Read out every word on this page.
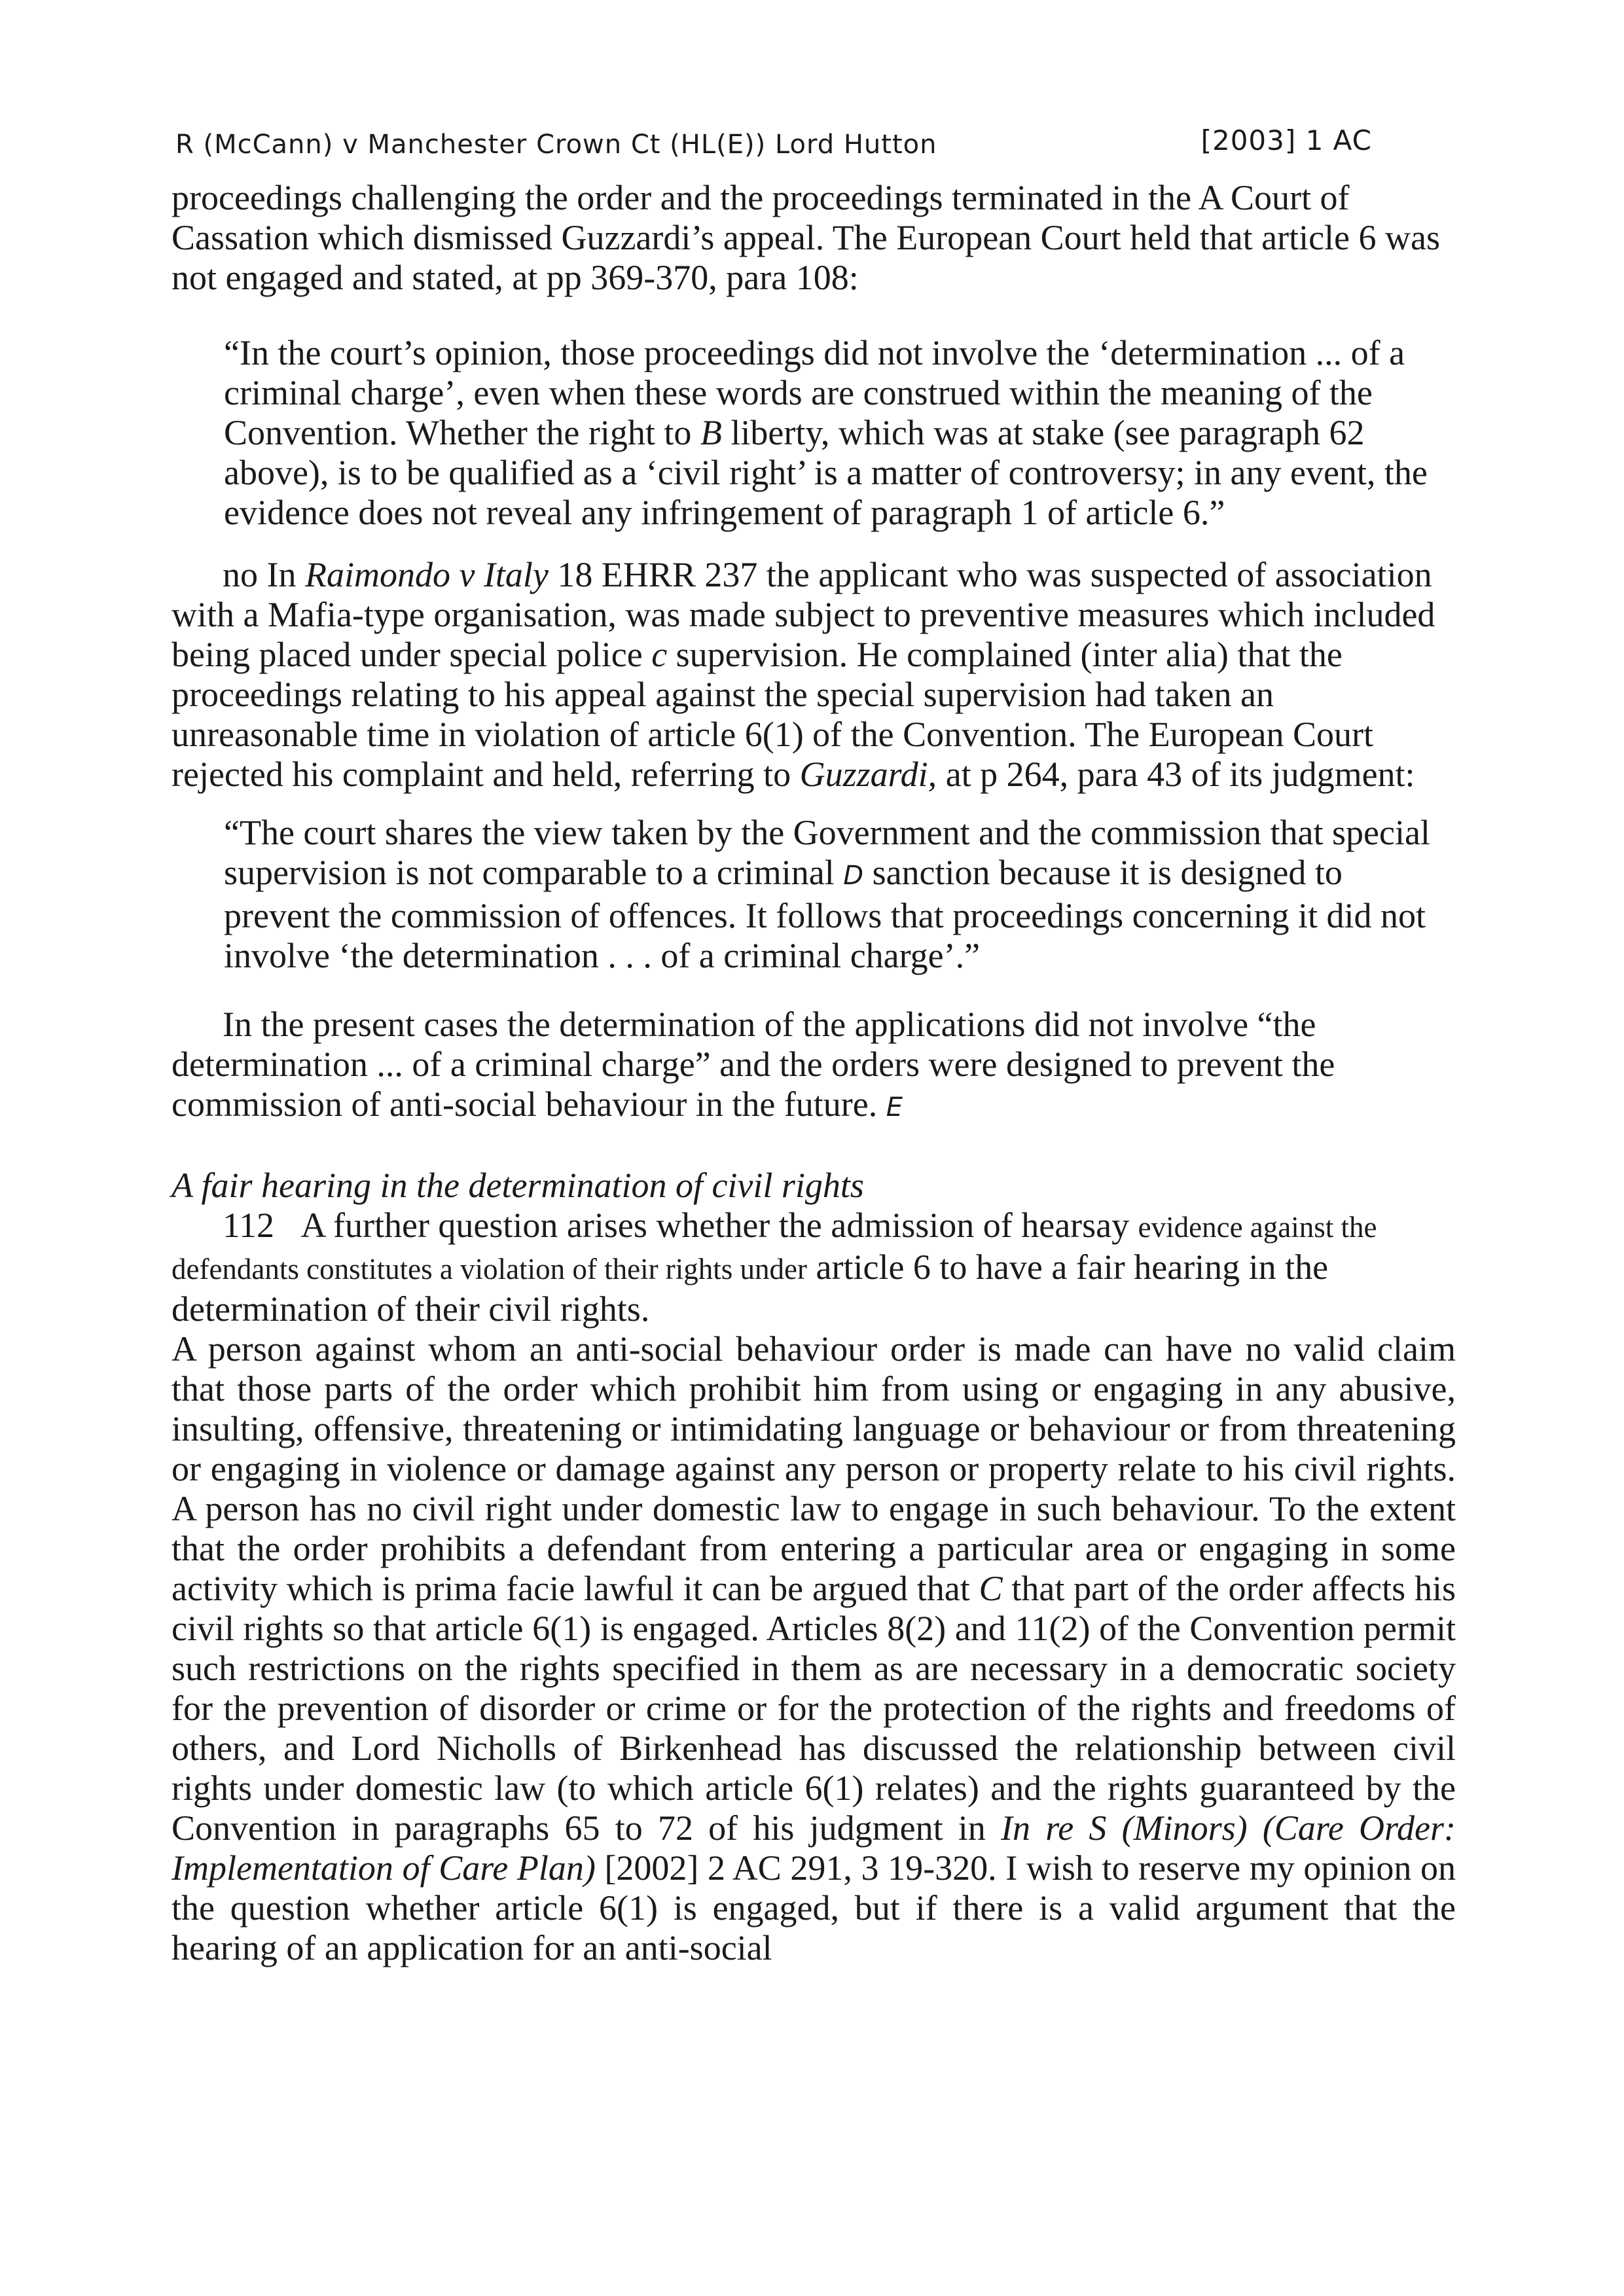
R (McCann) v Manchester Crown Ct (HL(E)) Lord Hutton	[2003] 1 AC

proceedings challenging the order and the proceedings terminated in the A Court of Cassation which dismissed Guzzardi’s appeal. The European Court held that article 6 was not engaged and stated, at pp 369-370, para 108:

“In the court’s opinion, those proceedings did not involve the ‘determination ... of a criminal charge’, even when these words are construed within the meaning of the Convention. Whether the right to B liberty, which was at stake (see paragraph 62 above), is to be qualified as a ‘civil right’ is a matter of controversy; in any event, the evidence does not reveal any infringement of paragraph 1 of article 6.”

no In Raimondo v Italy 18 EHRR 237 the applicant who was suspected of association with a Mafia-type organisation, was made subject to preventive measures which included being placed under special police c supervision. He complained (inter alia) that the proceedings relating to his appeal against the special supervision had taken an unreasonable time in violation of article 6(1) of the Convention. The European Court rejected his complaint and held, referring to Guzzardi, at p 264, para 43 of its judgment:

“The court shares the view taken by the Government and the commission that special supervision is not comparable to a criminal D sanction because it is designed to prevent the commission of offences. It follows that proceedings concerning it did not involve ‘the determination . . . of a criminal charge’.”

In the present cases the determination of the applications did not involve “the determination ... of a criminal charge” and the orders were designed to prevent the commission of anti-social behaviour in the future. E

A fair hearing in the determination of civil rights

112 A further question arises whether the admission of hearsay evidence against the defendants constitutes a violation of their rights under article 6 to have a fair hearing in the determination of their civil rights.

A person against whom an anti-social behaviour order is made can have no valid claim that those parts of the order which prohibit him from using or engaging in any abusive, insulting, offensive, threatening or intimidating language or behaviour or from threatening or engaging in violence or damage against any person or property relate to his civil rights. A person has no civil right under domestic law to engage in such behaviour. To the extent that the order prohibits a defendant from entering a particular area or engaging in some activity which is prima facie lawful it can be argued that C that part of the order affects his civil rights so that article 6(1) is engaged. Articles 8(2) and 11(2) of the Convention permit such restrictions on the rights specified in them as are necessary in a democratic society for the prevention of disorder or crime or for the protection of the rights and freedoms of others, and Lord Nicholls of Birkenhead has discussed the relationship between civil rights under domestic law (to which article 6(1) relates) and the rights guaranteed by the Convention in paragraphs 65 to 72 of his judgment in In re S (Minors) (Care Order: Implementation of Care Plan) [2002] 2 AC 291, 3 19-320. I wish to reserve my opinion on the question whether article 6(1) is engaged, but if there is a valid argument that the hearing of an application for an anti-social
